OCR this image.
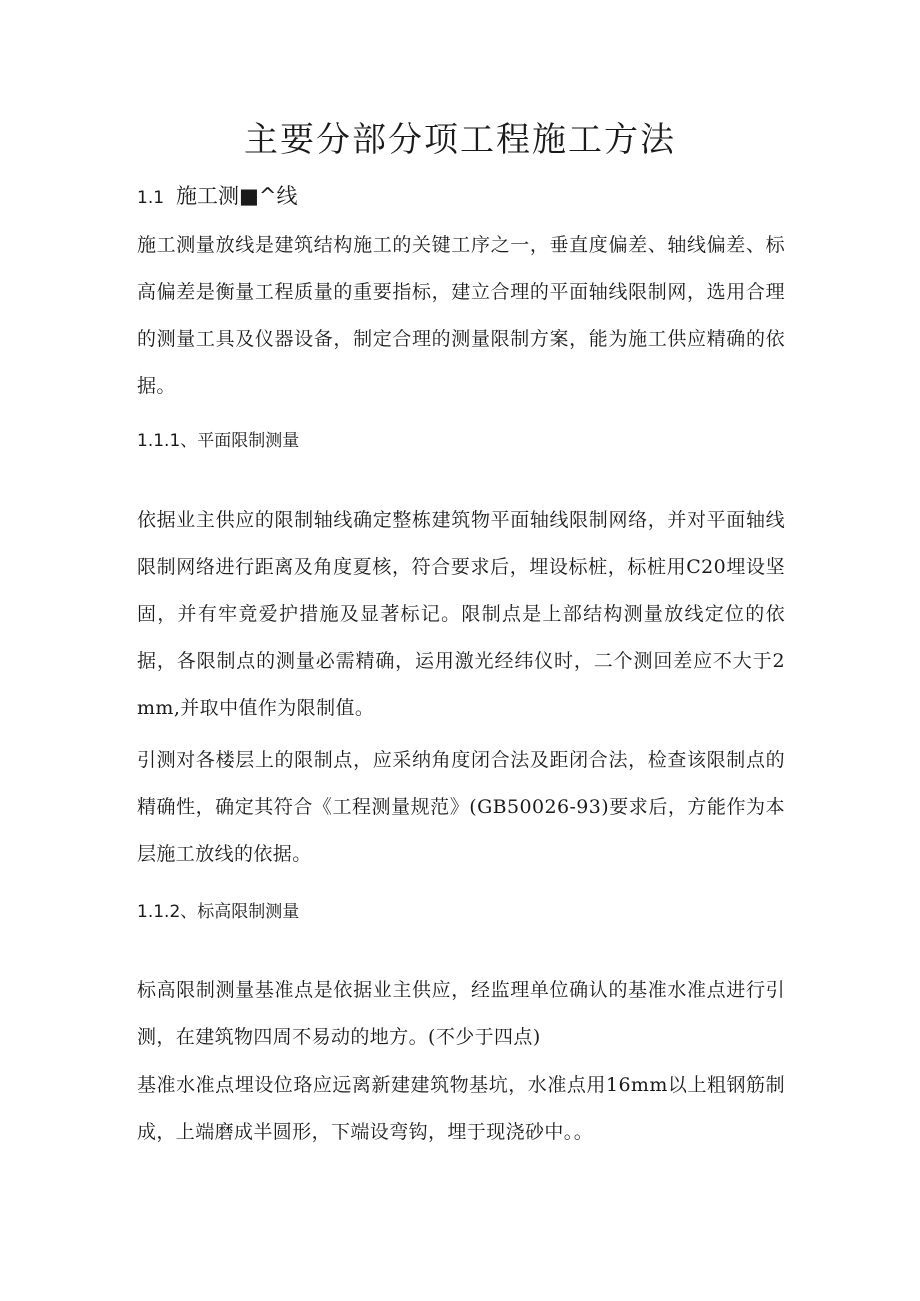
主要分部分项工程施工方法
1.1 施工测■^线

施工测量放线是建筑结构施工的关键工序之一，垂直度偏差、轴线偏差、标高偏差是衡量工程质量的重要指标，建立合理的平面轴线限制网，选用合理的测量工具及仪器设备，制定合理的测量限制方案，能为施工供应精确的依据。

1.1.1、平面限制测量

依据业主供应的限制轴线确定整栋建筑物平面轴线限制网络，并对平面轴线限制网络进行距离及角度夏核，符合要求后，埋设标桩，标桩用C20埋设坚固，并有牢竟爱护措施及显著标记。限制点是上部结构测量放线定位的依据，各限制点的测量必需精确，运用激光经纬仪时，二个测回差应不大于2mm,并取中值作为限制值。

引测对各楼层上的限制点，应采纳角度闭合法及距闭合法，检查该限制点的精确性，确定其符合《工程测量规范》(GB50026-93)要求后，方能作为本层施工放线的依据。

1.1.2、标高限制测量

标高限制测量基准点是依据业主供应，经监理单位确认的基准水准点进行引测，在建筑物四周不易动的地方。(不少于四点)

基准水准点埋设位珞应远离新建建筑物基坑，水准点用16mm以上粗钢筋制成，上端磨成半圆形，下端设弯钩，埋于现浇砂中。。
